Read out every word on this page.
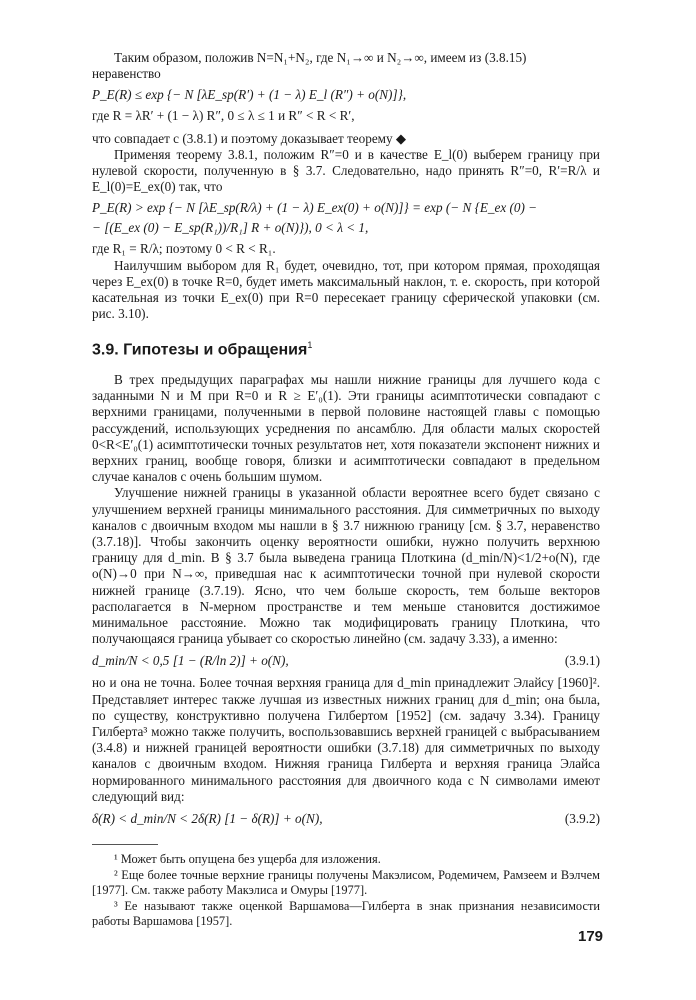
Таким образом, положив N=N₁+N₂, где N₁→∞ и N₂→∞, имеем из (3.8.15)

неравенство

P_E(R) ≤ exp {− N [λE_sp(R′) + (1 − λ) E_l (R″) + o(N)]},

где R = λR′ + (1 − λ) R″, 0 ≤ λ ≤ 1 и R″ < R < R′,

что совпадает с (3.8.1) и поэтому доказывает теорему ◆

Применяя теорему 3.8.1, положим R″=0 и в качестве E_l(0) выберем границу при нулевой скорости, полученную в § 3.7. Следовательно, надо принять R″=0, R′=R/λ и E_l(0)=E_ex(0) так, что

P_E(R) > exp {− N [λE_sp(R/λ) + (1 − λ) E_ex(0) + o(N)]} = exp (− N {E_ex (0) −
− [(E_ex (0) − E_sp(R₁))/R₁] R + o(N)}), 0 < λ < 1,

где R₁ = R/λ; поэтому 0 < R < R₁.

Наилучшим выбором для R₁ будет, очевидно, тот, при котором прямая, проходящая через E_ex(0) в точке R=0, будет иметь максимальный наклон, т. е. скорость, при которой касательная из точки E_ex(0) при R=0 пересекает границу сферической упаковки (см. рис. 3.10).

3.9. Гипотезы и обращения$^1$

В трех предыдущих параграфах мы нашли нижние границы для лучшего кода с заданными N и M при R=0 и R ≥ E′₀(1). Эти границы асимптотически совпадают с верхними границами, полученными в первой половине настоящей главы с помощью рассуждений, использующих усреднения по ансамблю. Для области малых скоростей 0<R<E′₀(1) асимптотически точных результатов нет, хотя показатели экспонент нижних и верхних границ, вообще говоря, близки и асимптотически совпадают в предельном случае каналов с очень большим шумом.

Улучшение нижней границы в указанной области вероятнее всего будет связано с улучшением верхней границы минимального расстояния. Для симметричных по выходу каналов с двоичным входом мы нашли в § 3.7 нижнюю границу [см. § 3.7, неравенство (3.7.18)]. Чтобы закончить оценку вероятности ошибки, нужно получить верхнюю границу для d_min. В § 3.7 была выведена граница Плоткина (d_min/N)<1/2+o(N), где o(N)→0 при N→∞, приведшая нас к асимптотически точной при нулевой скорости нижней границе (3.7.19). Ясно, что чем больше скорость, тем больше векторов располагается в N-мерном пространстве и тем меньше становится достижимое минимальное расстояние. Можно так модифицировать границу Плоткина, что получающаяся граница убывает со скоростью линейно (см. задачу 3.33), а именно:

d_min/N < 0,5 [1 − (R/ln 2)] + o(N),	(3.9.1)

но и она не точна. Более точная верхняя граница для d_min принадлежит Элайсу [1960]². Представляет интерес также лучшая из известных нижних границ для d_min; она была, по существу, конструктивно получена Гилбертом [1952] (см. задачу 3.34). Границу Гилберта³ можно также получить, воспользовавшись верхней границей с выбрасыванием (3.4.8) и нижней границей вероятности ошибки (3.7.18) для симметричных по выходу каналов с двоичным входом. Нижняя граница Гилберта и верхняя граница Элайса нормированного минимального расстояния для двоичного кода с N символами имеют следующий вид:

δ(R) < d_min/N < 2δ(R) [1 − δ(R)] + o(N),	(3.9.2)

¹ Может быть опущена без ущерба для изложения.

² Еще более точные верхние границы получены Макэлисом, Родемичем, Рамзеем и Вэлчем [1977]. См. также работу Макэлиса и Омуры [1977].

³ Ее называют также оценкой Варшамова—Гилберта в знак признания независимости работы Варшамова [1957].

179
